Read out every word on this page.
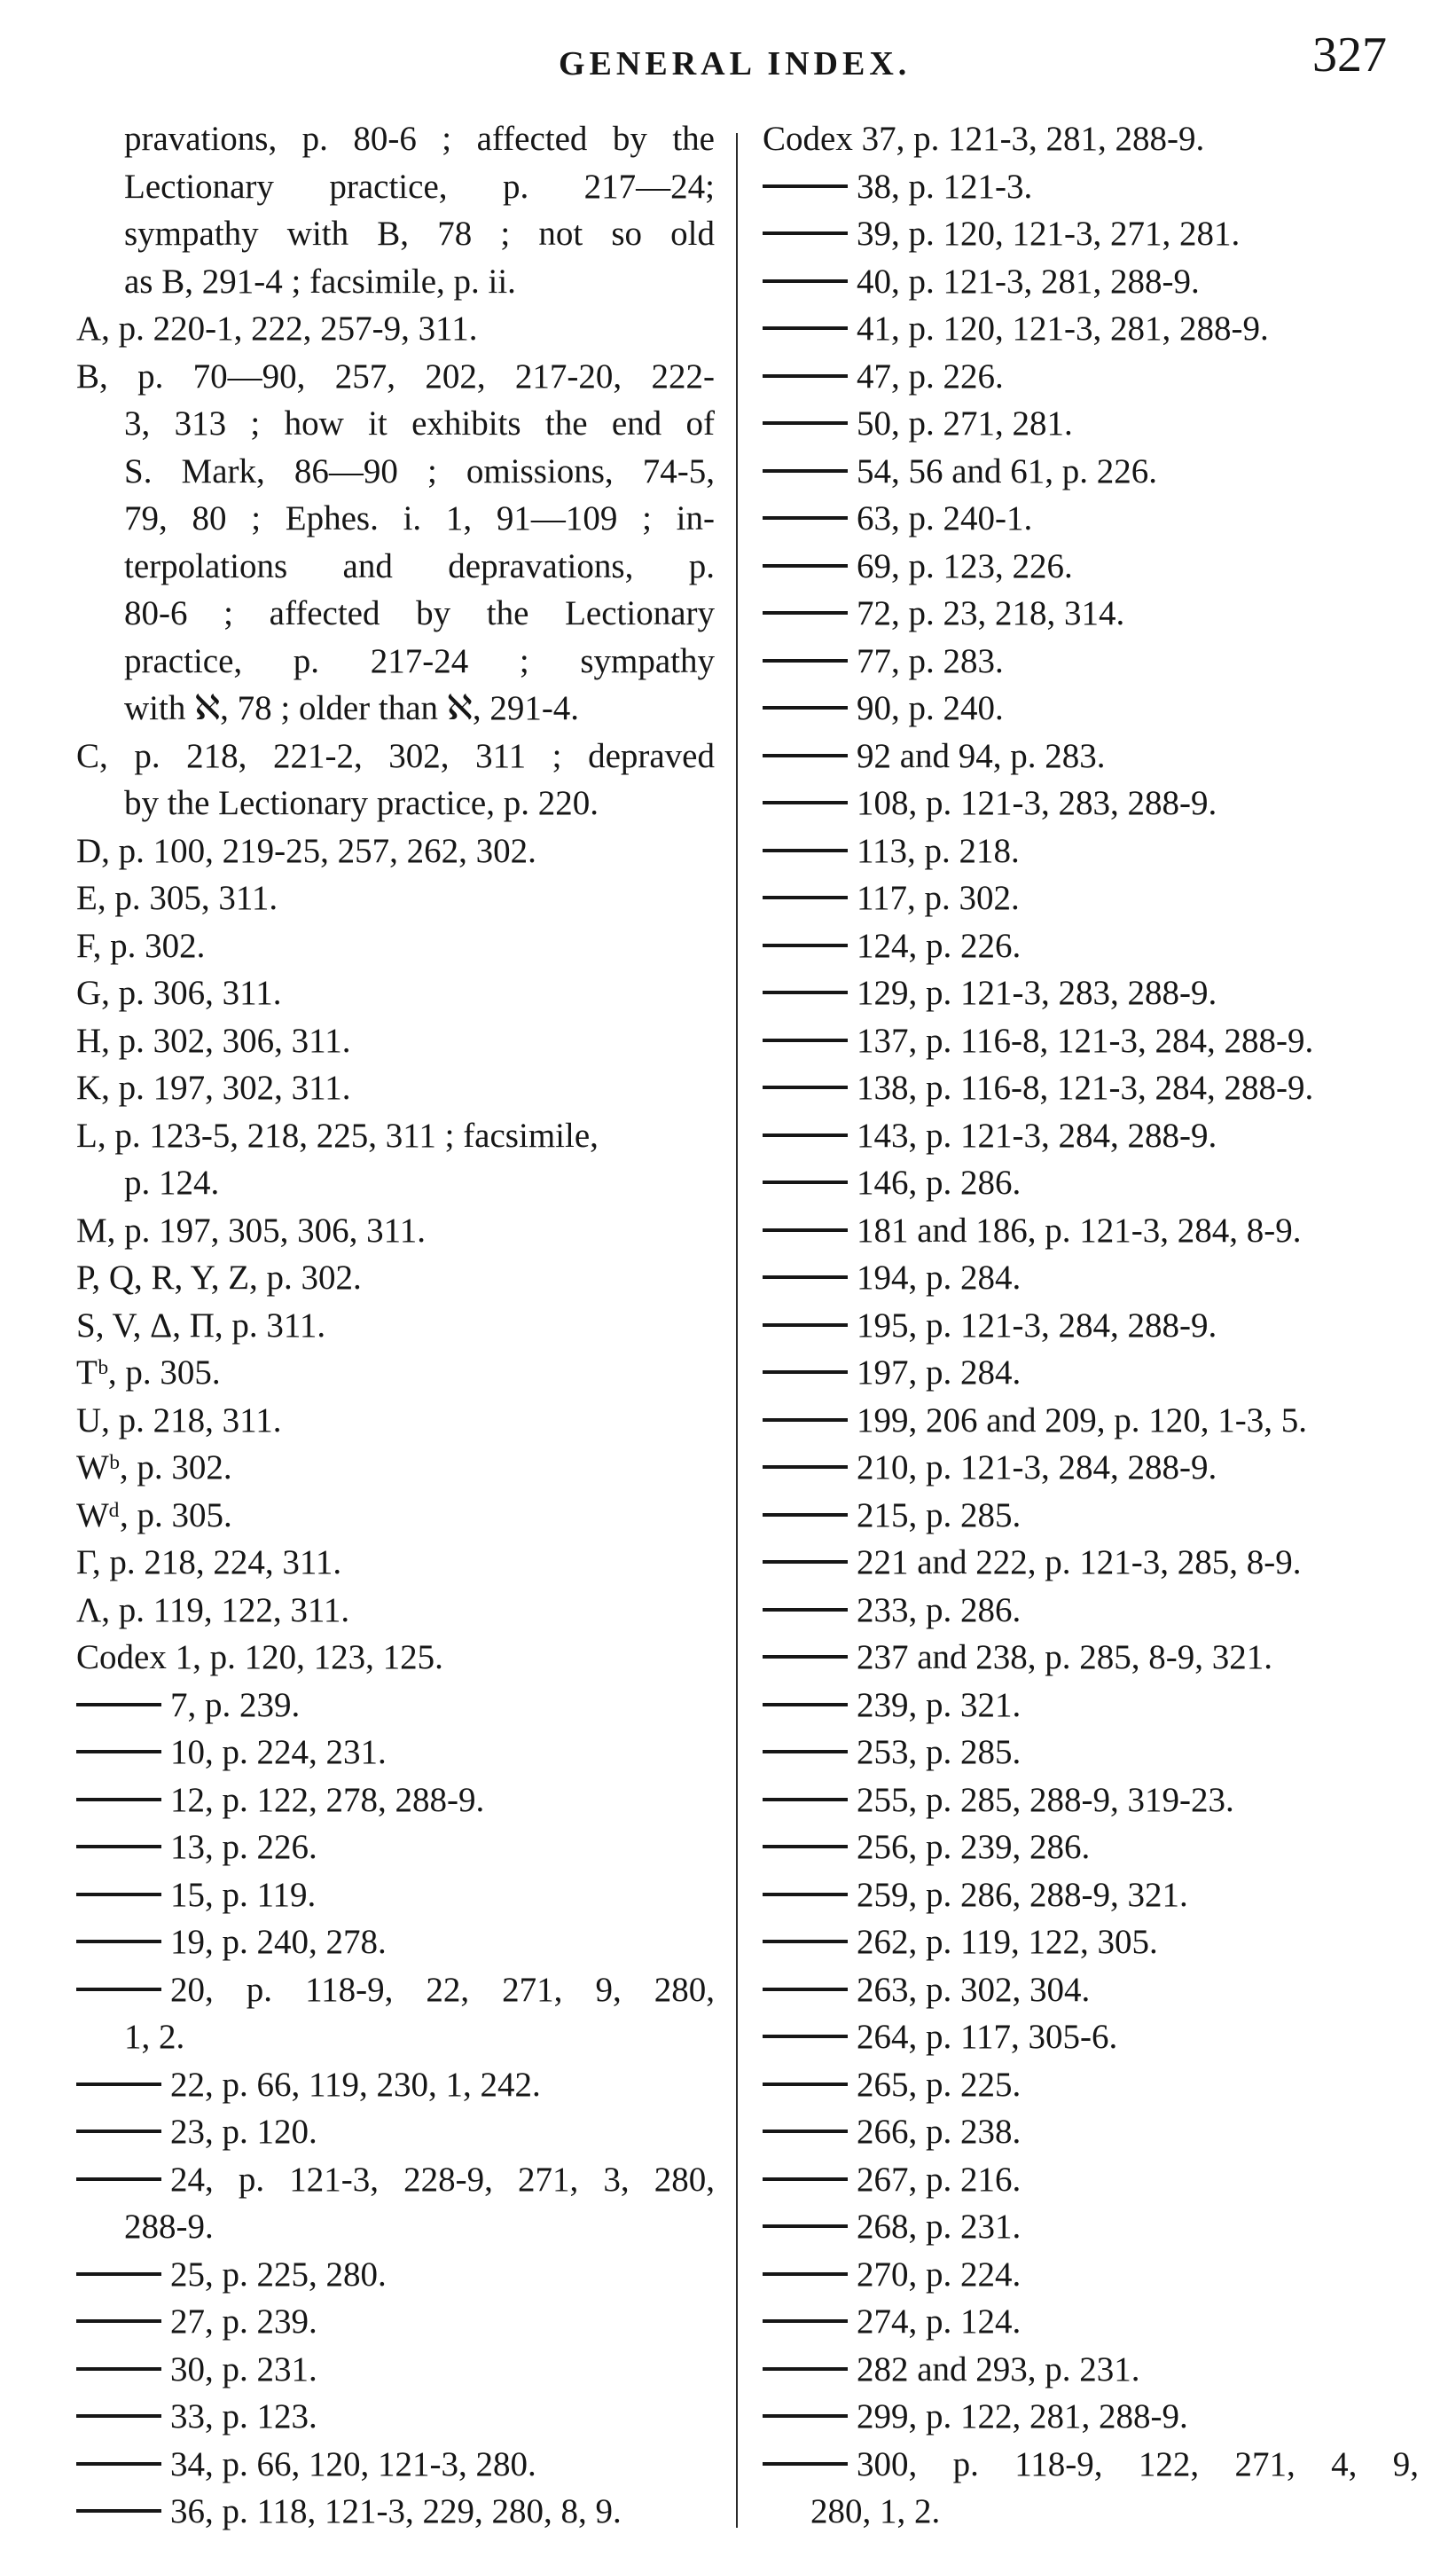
GENERAL INDEX.	327
pravations, p. 80-6 ; affected by the
Lectionary practice, p. 217—24;
sympathy with B, 78 ; not so old
as B, 291-4 ; facsimile, p. ii.
A, p. 220-1, 222, 257-9, 311.
B, p. 70—90, 257, 202, 217-20, 222-
3, 313 ; how it exhibits the end of
S. Mark, 86—90 ; omissions, 74-5,
79, 80 ; Ephes. i. 1, 91—109 ; in-
terpolations and depravations, p.
80-6 ; affected by the Lectionary
practice, p. 217-24 ; sympathy
with ℵ, 78 ; older than ℵ, 291-4.
C, p. 218, 221-2, 302, 311 ; depraved
by the Lectionary practice, p. 220.
D, p. 100, 219-25, 257, 262, 302.
E, p. 305, 311.
F, p. 302.
G, p. 306, 311.
H, p. 302, 306, 311.
K, p. 197, 302, 311.
L, p. 123-5, 218, 225, 311 ; facsimile,
p. 124.
M, p. 197, 305, 306, 311.
P, Q, R, Y, Z, p. 302.
S, V, Δ, Π, p. 311.
Tᵇ, p. 305.
U, p. 218, 311.
Wᵇ, p. 302.
Wᵈ, p. 305.
Γ, p. 218, 224, 311.
Λ, p. 119, 122, 311.
Codex 1, p. 120, 123, 125.
7, p. 239.
10, p. 224, 231.
12, p. 122, 278, 288-9.
13, p. 226.
15, p. 119.
19, p. 240, 278.
20, p. 118-9, 22, 271, 9, 280,
1, 2.
22, p. 66, 119, 230, 1, 242.
23, p. 120.
24, p. 121-3, 228-9, 271, 3, 280,
288-9.
25, p. 225, 280.
27, p. 239.
30, p. 231.
33, p. 123.
34, p. 66, 120, 121-3, 280.
36, p. 118, 121-3, 229, 280, 8, 9.
Codex 37, p. 121-3, 281, 288-9.
38, p. 121-3.
39, p. 120, 121-3, 271, 281.
40, p. 121-3, 281, 288-9.
41, p. 120, 121-3, 281, 288-9.
47, p. 226.
50, p. 271, 281.
54, 56 and 61, p. 226.
63, p. 240-1.
69, p. 123, 226.
72, p. 23, 218, 314.
77, p. 283.
90, p. 240.
92 and 94, p. 283.
108, p. 121-3, 283, 288-9.
113, p. 218.
117, p. 302.
124, p. 226.
129, p. 121-3, 283, 288-9.
137, p. 116-8, 121-3, 284, 288-9.
138, p. 116-8, 121-3, 284, 288-9.
143, p. 121-3, 284, 288-9.
146, p. 286.
181 and 186, p. 121-3, 284, 8-9.
194, p. 284.
195, p. 121-3, 284, 288-9.
197, p. 284.
199, 206 and 209, p. 120, 1-3, 5.
210, p. 121-3, 284, 288-9.
215, p. 285.
221 and 222, p. 121-3, 285, 8-9.
233, p. 286.
237 and 238, p. 285, 8-9, 321.
239, p. 321.
253, p. 285.
255, p. 285, 288-9, 319-23.
256, p. 239, 286.
259, p. 286, 288-9, 321.
262, p. 119, 122, 305.
263, p. 302, 304.
264, p. 117, 305-6.
265, p. 225.
266, p. 238.
267, p. 216.
268, p. 231.
270, p. 224.
274, p. 124.
282 and 293, p. 231.
299, p. 122, 281, 288-9.
300, p. 118-9, 122, 271, 4, 9,
280, 1, 2.
